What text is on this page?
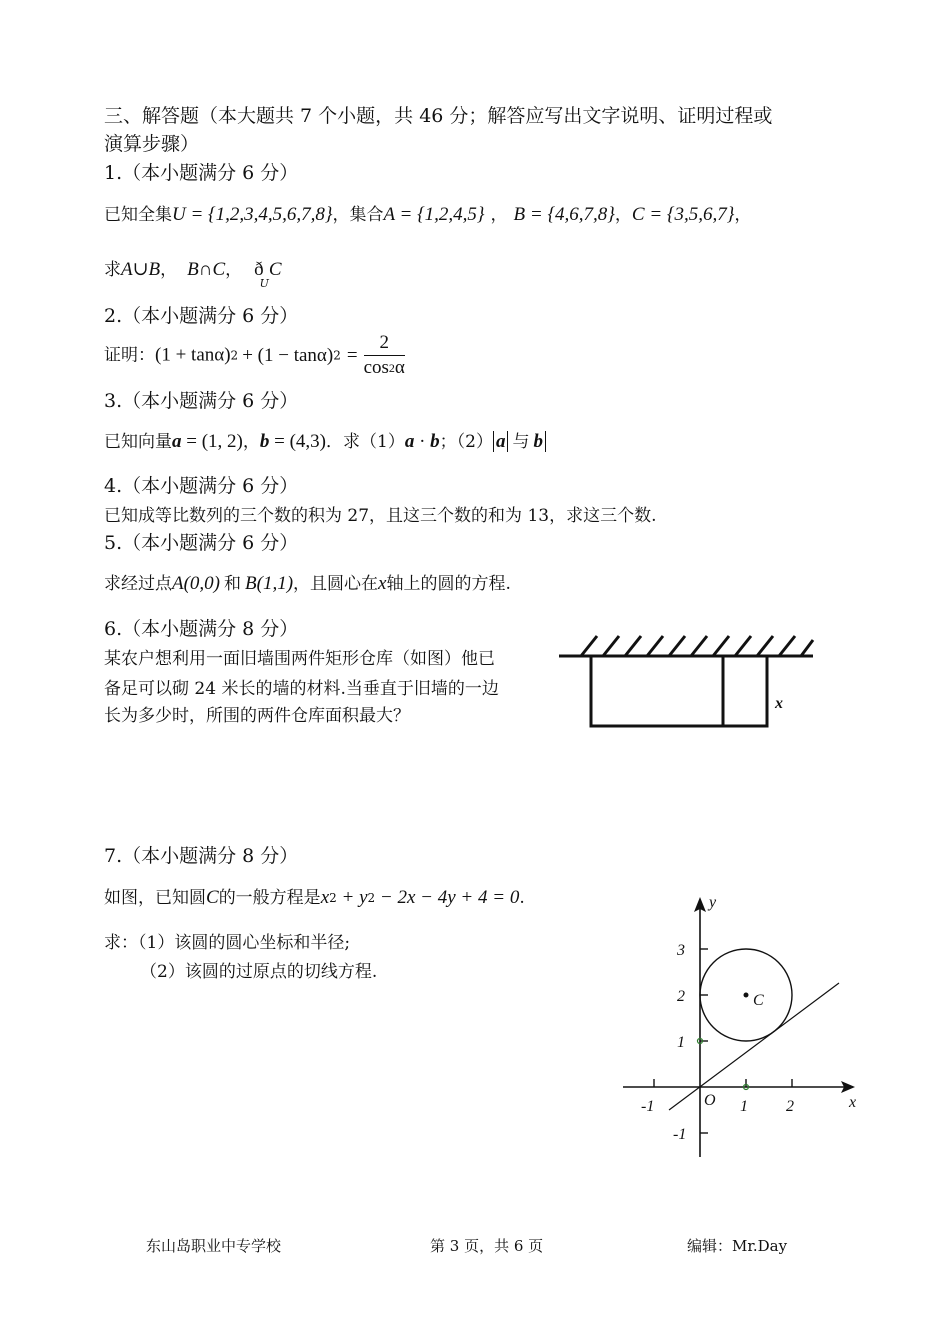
三、解答题（本大题共 7 个小题，共 46 分；解答应写出文字说明、证明过程或
演算步骤）
1.（本小题满分 6 分）
已知全集U = {1,2,3,4,5,6,7,8}，集合A = {1,2,4,5} ， B = {4,6,7,8}，C = {3,5,6,7}，
求A∪B， B∩C， $ð_UC$
2.（本小题满分 6 分）
证明：$(1 + \tan\alpha)2 + (1 - \tan\alpha)2 = \frac{2}{\cos 2\alpha}$
3.（本小题满分 6 分）
已知向量a = (1, 2)，b = (4,3)．求（1）a · b；（2） a 与 b
4.（本小题满分 6 分）
已知成等比数列的三个数的积为 27，且这三个数的和为 13，求这三个数.
5.（本小题满分 6 分）
求经过点A(0,0) 和 B(1,1)，且圆心在x轴上的圆的方程.
6.（本小题满分 8 分）
某农户想利用一面旧墙围两件矩形仓库（如图）他已
备足可以砌 24 米长的墙的材料.当垂直于旧墙的一边
长为多少时，所围的两件仓库面积最大？
x
7.（本小题满分 8 分）
如图，已知圆C的一般方程是x2 + y2 − 2x − 4y + 4 = 0.
求：（1）该圆的圆心坐标和半径;
（2）该圆的过原点的切线方程.
x
y
O
C
-1	1 2
3
2
1
-1
东山岛职业中专学校	第 3 页，共 6 页	编辑：Mr.Day
